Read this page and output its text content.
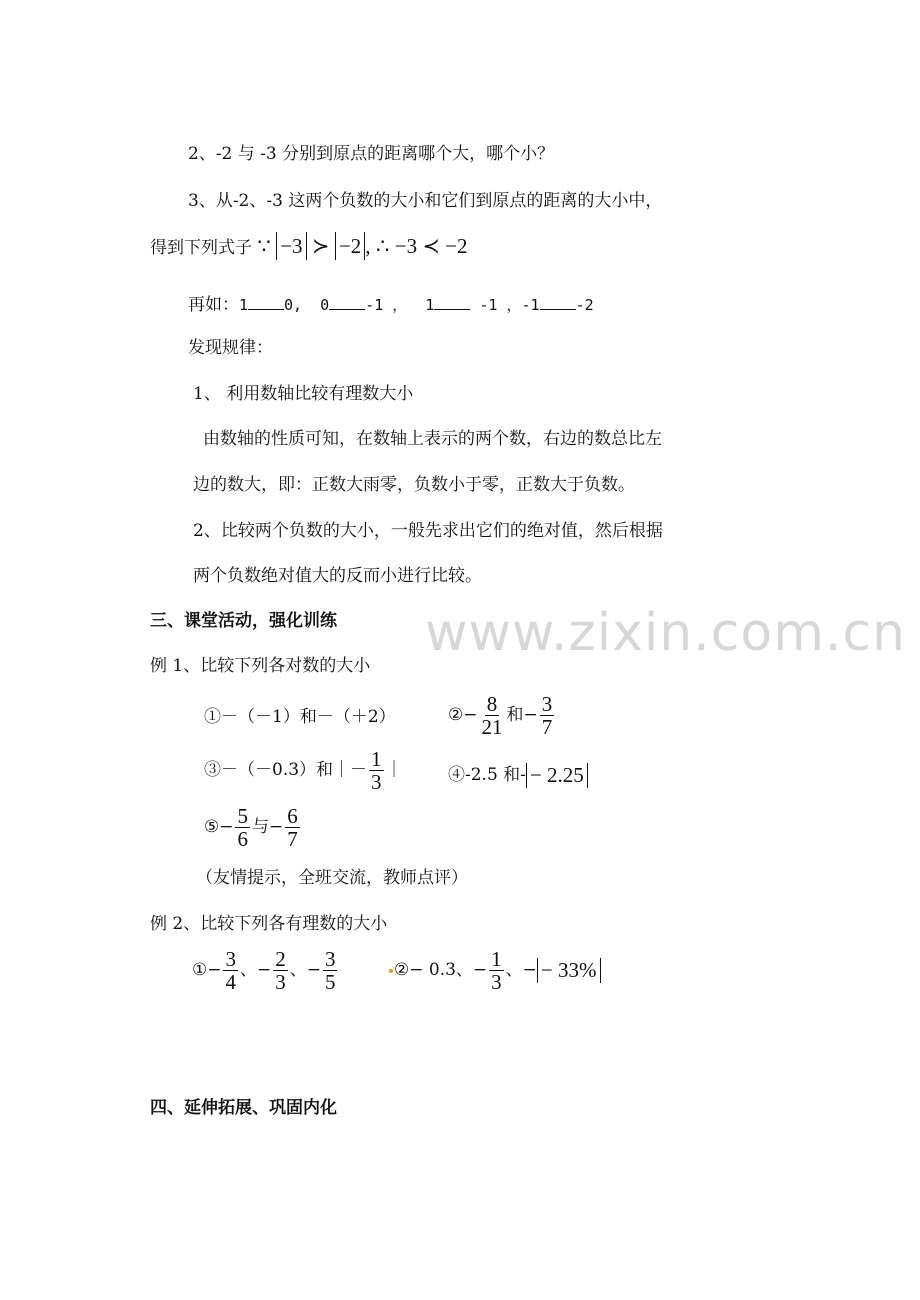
2、-2 与 -3 分别到原点的距离哪个大，哪个小？
3、从-2、-3 这两个负数的大小和它们到原点的距离的大小中，
得到下列式子 ∵ −3 ≻ −2 , ∴ −3 ≺ −2
再如：1 0, 0 -1 ， 1	-1 ，-1 -2
发现规律：
1、 利用数轴比较有理数大小
由数轴的性质可知，在数轴上表示的两个数，右边的数总比左
边的数大，即：正数大雨零，负数小于零，正数大于负数。
2、比较两个负数的大小，一般先求出它们的绝对值，然后根据
两个负数绝对值大的反而小进行比较。
www.zixin.com.cn
三、课堂活动，强化训练
例 1、比较下列各对数的大小
①－（－1）和－（＋2）	②− $\frac{8}{21}$ 和− $\frac{3}{7}$
③－（－0.3）和｜－ $\frac{1}{3}$ ｜	④-2.5 和- − 2.25
⑤− $\frac{5}{6}$ 与− $\frac{6}{7}$
（友情提示，全班交流，教师点评）
例 2、比较下列各有理数的大小
①− $\frac{3}{4}$ 、− $\frac{2}{3}$ 、− $\frac{3}{5}$	②− 0.3、− $\frac{1}{3}$ 、− − 33%
四、延伸拓展、巩固内化
